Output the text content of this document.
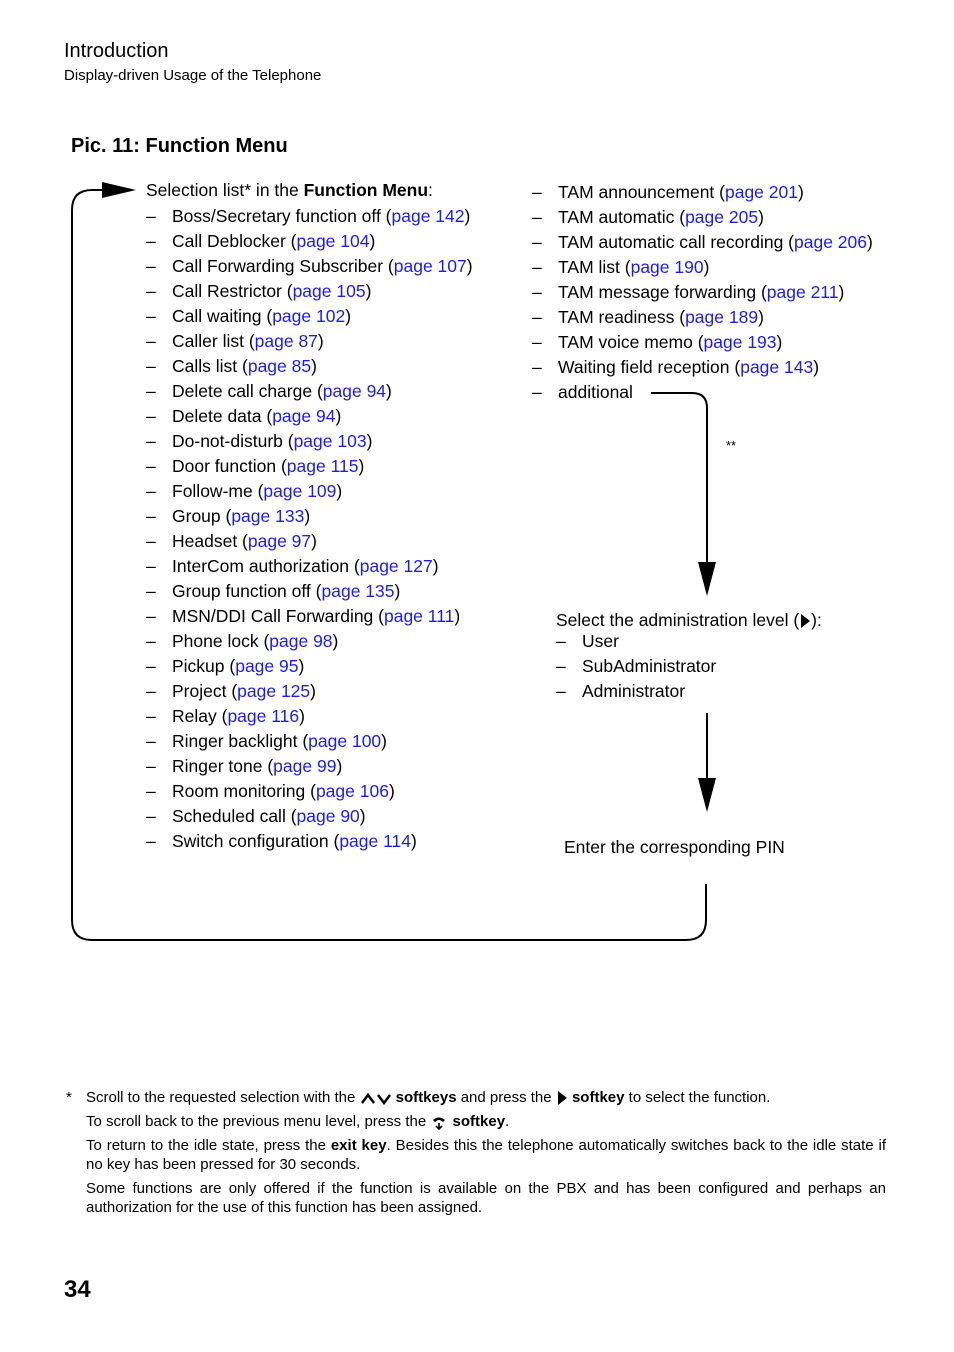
Introduction
Display-driven Usage of the Telephone
Pic. 11: Function Menu
Selection list* in the Function Menu:
– Boss/Secretary function off (page 142)
– Call Deblocker (page 104)
– Call Forwarding Subscriber (page 107)
– Call Restrictor (page 105)
– Call waiting (page 102)
– Caller list (page 87)
– Calls list (page 85)
– Delete call charge (page 94)
– Delete data (page 94)
– Do-not-disturb (page 103)
– Door function (page 115)
– Follow-me (page 109)
– Group (page 133)
– Headset (page 97)
– InterCom authorization (page 127)
– Group function off (page 135)
– MSN/DDI Call Forwarding (page 111)
– Phone lock (page 98)
– Pickup (page 95)
– Project (page 125)
– Relay (page 116)
– Ringer backlight (page 100)
– Ringer tone (page 99)
– Room monitoring (page 106)
– Scheduled call (page 90)
– Switch configuration (page 114)
– TAM announcement (page 201)
– TAM automatic (page 205)
– TAM automatic call recording (page 206)
– TAM list (page 190)
– TAM message forwarding (page 211)
– TAM readiness (page 189)
– TAM voice memo (page 193)
– Waiting field reception (page 143)
– additional
**
Select the administration level ( ):
– User
– SubAdministrator
– Administrator
Enter the corresponding PIN
* Scroll to the requested selection with the  softkeys and press the  softkey to select the function.

To scroll back to the previous menu level, press the  softkey.

To return to the idle state, press the exit key. Besides this the telephone automatically switches back to the idle state if no key has been pressed for 30 seconds.

Some functions are only offered if the function is available on the PBX and has been configured and perhaps an authorization for the use of this function has been assigned.

34
